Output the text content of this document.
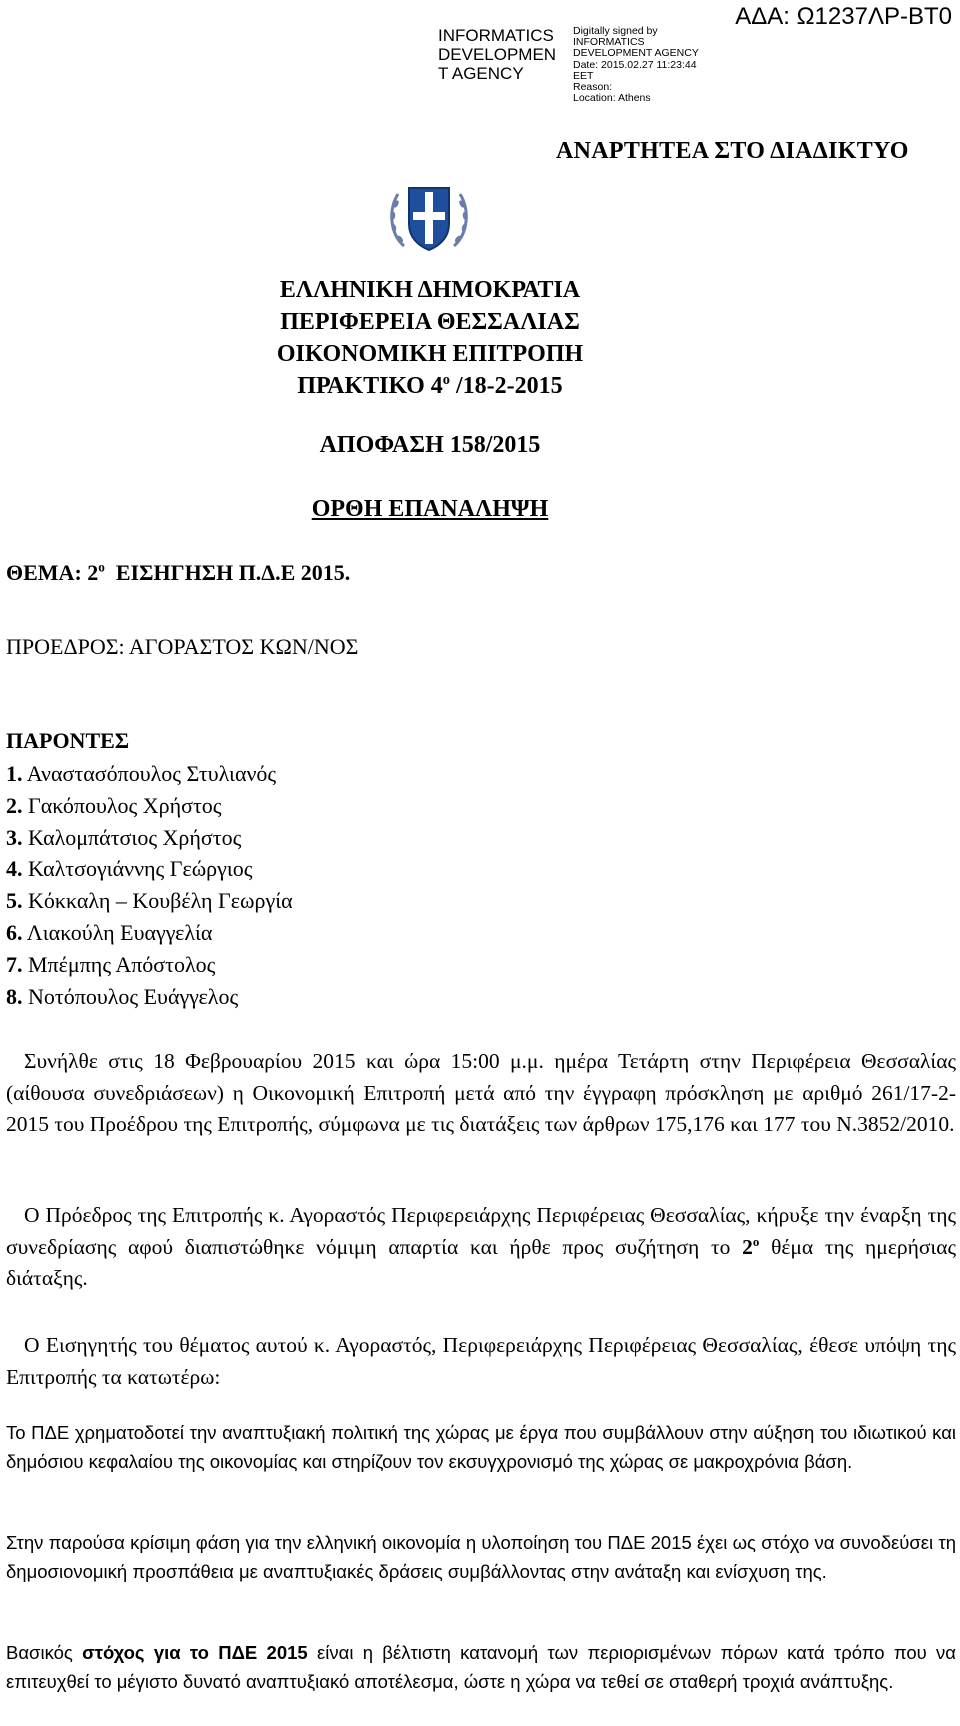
INFORMATICS DEVELOPMEN T AGENCY
Digitally signed by
INFORMATICS
DEVELOPMENT AGENCY
Date: 2015.02.27 11:23:44
EET
Reason:
Location: Athens
ΑΔΑ: Ω1237ΛΡ-ΒΤ0
ΑΝΑΡΤΗΤΕΑ ΣΤΟ ΔΙΑΔΙΚΤΥΟ
ΕΛΛΗΝΙΚΗ ΔΗΜΟΚΡΑΤΙΑ
ΠΕΡΙΦΕΡΕΙΑ ΘΕΣΣΑΛΙΑΣ
ΟΙΚΟΝΟΜΙΚΗ ΕΠΙΤΡΟΠΗ
ΠΡΑΚΤΙΚΟ $4^o$ /18-2-2015
ΑΠΟΦΑΣΗ 158/2015
ΟΡΘΗ ΕΠΑΝΑΛΗΨΗ
ΘΕΜΑ: $2^o$  ΕΙΣΗΓΗΣΗ Π.Δ.Ε 2015.
ΠΡΟΕΔΡΟΣ: ΑΓΟΡΑΣΤΟΣ ΚΩΝ/ΝΟΣ
ΠΑΡΟΝΤΕΣ
1. Αναστασόπουλος Στυλιανός
2. Γακόπουλος Χρήστος
3. Καλομπάτσιος Χρήστος
4. Καλτσογιάννης Γεώργιος
5. Κόκκαλη – Κουβέλη Γεωργία
6. Λιακούλη Ευαγγελία
7. Μπέμπης Απόστολος
8. Νοτόπουλος Ευάγγελος
Συνήλθε στις 18 Φεβρουαρίου 2015 και ώρα 15:00 μ.μ. ημέρα Τετάρτη στην Περιφέρεια Θεσσαλίας (αίθουσα συνεδριάσεων) η Οικονομική Επιτροπή μετά από την έγγραφη πρόσκληση με αριθμό 261/17-2-2015 του Προέδρου της Επιτροπής, σύμφωνα με τις διατάξεις των άρθρων 175,176 και 177 του Ν.3852/2010.
Ο Πρόεδρος της Επιτροπής κ. Αγοραστός Περιφερειάρχης Περιφέρειας Θεσσαλίας, κήρυξε την έναρξη της συνεδρίασης αφού διαπιστώθηκε νόμιμη απαρτία και ήρθε προς συζήτηση το $2^o$ θέμα της ημερήσιας διάταξης.
Ο Εισηγητής του θέματος αυτού κ. Αγοραστός, Περιφερειάρχης Περιφέρειας Θεσσαλίας, έθεσε υπόψη της Επιτροπής τα κατωτέρω:
Το ΠΔΕ χρηματοδοτεί την αναπτυξιακή πολιτική της χώρας με έργα που συμβάλλουν στην αύξηση του ιδιωτικού και δημόσιου κεφαλαίου της οικονομίας και στηρίζουν τον εκσυγχρονισμό της χώρας σε μακροχρόνια βάση.
Στην παρούσα κρίσιμη φάση για την ελληνική οικονομία η υλοποίηση του ΠΔΕ 2015 έχει ως στόχο να συνοδεύσει τη δημοσιονομική προσπάθεια με αναπτυξιακές δράσεις συμβάλλοντας στην ανάταξη και ενίσχυση της.
Βασικός στόχος για το ΠΔΕ 2015 είναι η βέλτιστη κατανομή των περιορισμένων πόρων κατά τρόπο που να επιτευχθεί το μέγιστο δυνατό αναπτυξιακό αποτέλεσμα, ώστε η χώρα να τεθεί σε σταθερή τροχιά ανάπτυξης.
